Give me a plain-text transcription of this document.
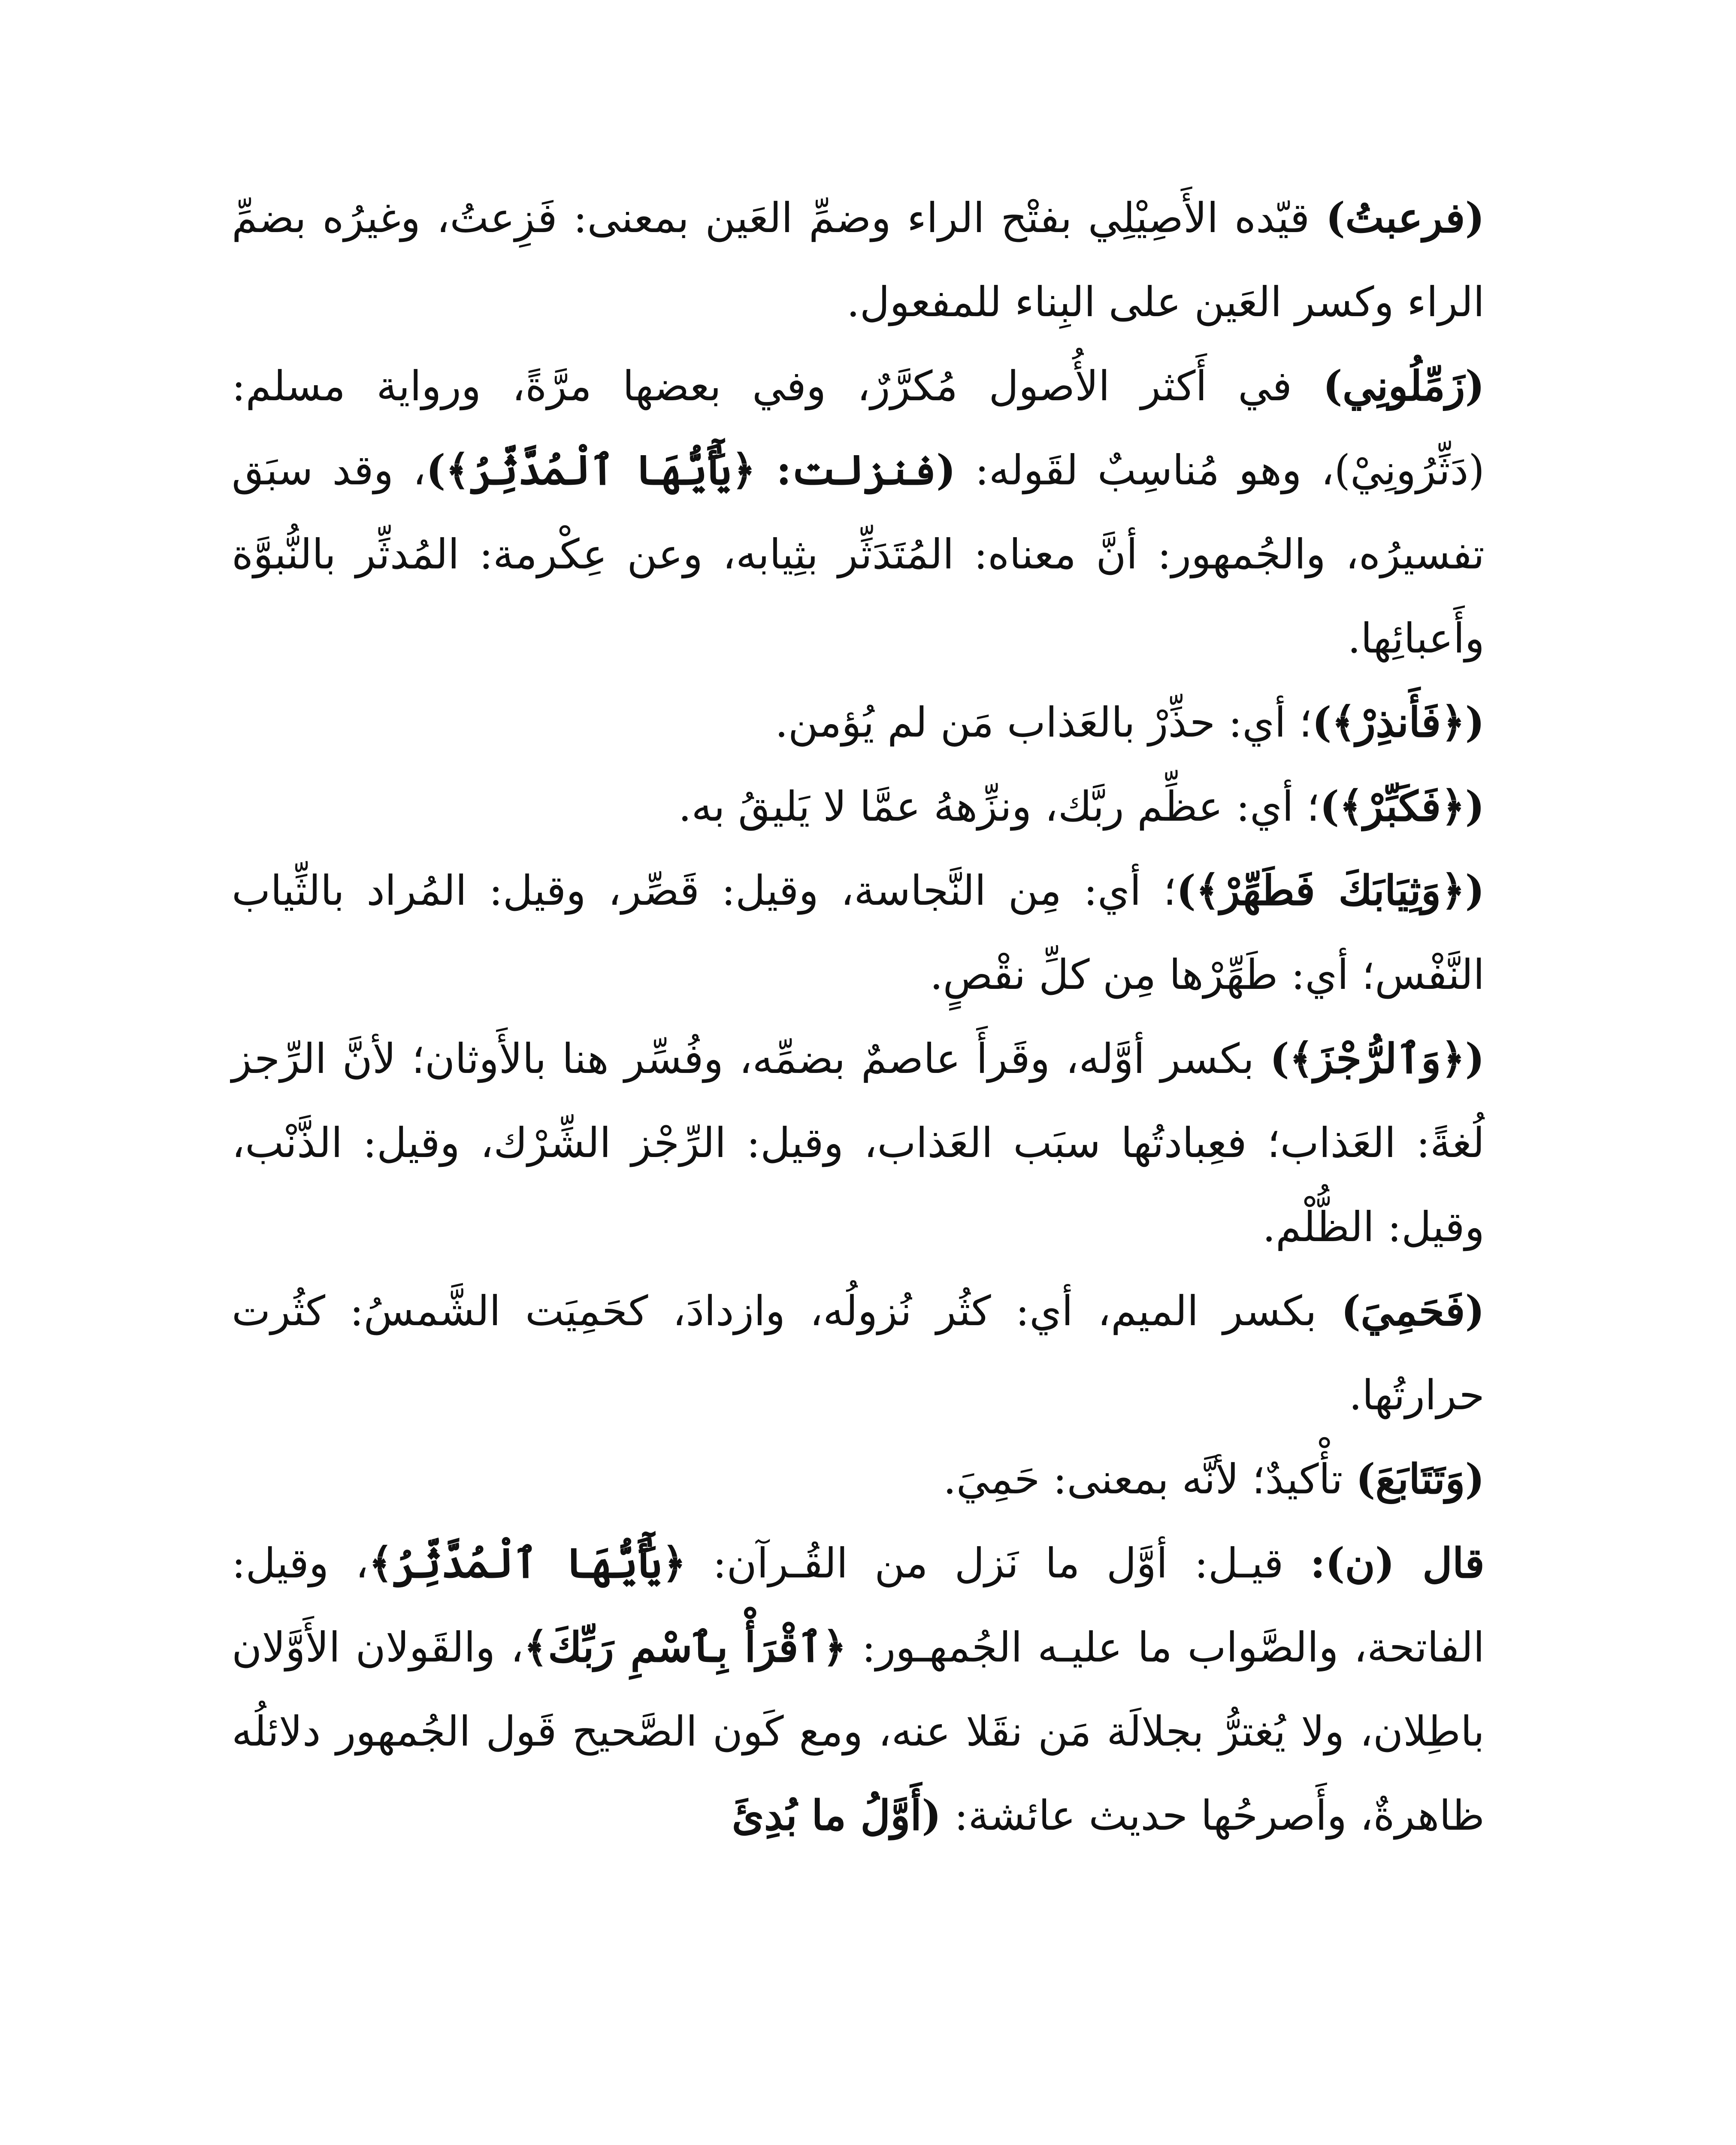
(فرعبتُ) قيّده الأَصِيْلِي بفتْح الراء وضمِّ العَين بمعنى: فَزِعتُ، وغيرُه بضمِّ الراء وكسر العَين على البِناء للمفعول.

(زَمِّلُونِي) في أَكثر الأُصول مُكرَّرٌ، وفي بعضها مرَّةً، ورواية مسلم: (دَثِّرُونِيْ)، وهو مُناسِبٌ لقَوله: (فنزلت: ﴿يَٰٓأَيُّهَا ٱلْمُدَّثِّرُ﴾)، وقد سبَق تفسيرُه، والجُمهور: أنَّ معناه: المُتَدَثِّر بثِيابه، وعن عِكْرمة: المُدثِّر بالنُّبوَّة وأَعبائِها.

(﴿فَأَنذِرْ﴾)؛ أي: حذِّرْ بالعَذاب مَن لم يُؤمن.

(﴿فَكَبِّرْ﴾)؛ أي: عظِّم ربَّك، ونزِّههُ عمَّا لا يَليقُ به.

(﴿وَثِيَابَكَ فَطَهِّرْ﴾)؛ أي: مِن النَّجاسة، وقيل: قَصِّر، وقيل: المُراد بالثِّياب النَّفْس؛ أي: طَهِّرْها مِن كلِّ نقْصٍ.

(﴿وَٱلرُّجْزَ﴾) بكسر أوَّله، وقَرأَ عاصمٌ بضمِّه، وفُسِّر هنا بالأَوثان؛ لأنَّ الرِّجز لُغةً: العَذاب؛ فعِبادتُها سبَب العَذاب، وقيل: الرِّجْز الشِّرْك، وقيل: الذَّنْب، وقيل: الظُّلْم.

(فَحَمِيَ) بكسر الميم، أي: كثُر نُزولُه، وازدادَ، كحَمِيَت الشَّمسُ: كثُرت حرارتُها.

(وَتَتَابَعَ) تأْكيدٌ؛ لأنَّه بمعنى: حَمِيَ.

قال (ن): قيـل: أوَّل ما نَزل من القُـرآن: ﴿يَٰٓأَيُّهَا ٱلْمُدَّثِّرُ﴾، وقيل: الفاتحة، والصَّواب ما عليـه الجُمهـور: ﴿ٱقْرَأْ بِٱسْمِ رَبِّكَ﴾، والقَولان الأَوَّلان باطِلان، ولا يُغترُّ بجلالَة مَن نقَلا عنه، ومع كَون الصَّحيح قَول الجُمهور دلائلُه ظاهرةٌ، وأَصرحُها حديث عائشة: (أَوَّلُ ما بُدِئَ
